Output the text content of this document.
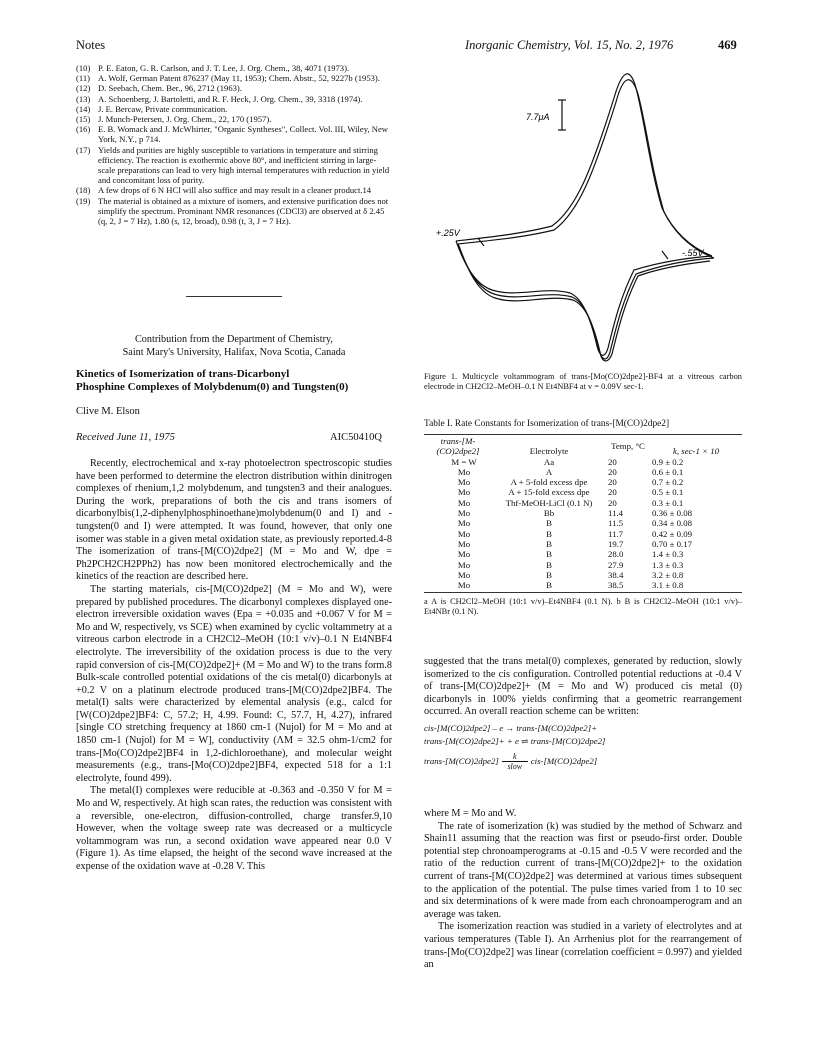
Notes	Inorganic Chemistry, Vol. 15, No. 2, 1976	469
(10) P. E. Eaton, G. R. Carlson, and J. T. Lee, J. Org. Chem., 38, 4071 (1973).
(11) A. Wolf, German Patent 876237 (May 11, 1953); Chem. Abstr., 52, 9227b (1953).
(12) D. Seebach, Chem. Ber., 96, 2712 (1963).
(13) A. Schoenberg, J. Bartoletti, and R. F. Heck, J. Org. Chem., 39, 3318 (1974).
(14) J. E. Bercaw, Private communication.
(15) J. Munch-Petersen, J. Org. Chem., 22, 170 (1957).
(16) E. B. Womack and J. McWhirter, "Organic Syntheses", Collect. Vol. III, Wiley, New York, N.Y., p 714.
(17) Yields and purities are highly susceptible to variations in temperature and stirring efficiency. The reaction is exothermic above 80°, and inefficient stirring in large-scale preparations can lead to very high internal temperatures with reduction in yield and concomitant loss of purity.
(18) A few drops of 6 N HCl will also suffice and may result in a cleaner product.14
(19) The material is obtained as a mixture of isomers, and extensive purification does not simplify the spectrum. Prominant NMR resonances (CDCl3) are observed at δ 2.45 (q, 2, J = 7 Hz), 1.80 (s, 12, broad), 0.98 (t, 3, J = 7 Hz).
Contribution from the Department of Chemistry,
Saint Mary's University, Halifax, Nova Scotia, Canada
Kinetics of Isomerization of trans-Dicarbonyl
Phosphine Complexes of Molybdenum(0) and Tungsten(0)
Clive M. Elson
Received June 11, 1975	AIC50410Q

Recently, electrochemical and x-ray photoelectron spectroscopic studies have been performed to determine the electron distribution within dinitrogen complexes of rhenium,1,2 molybdenum, and tungsten3 and their analogues. During the work, preparations of both the cis and trans isomers of dicarbonylbis(1,2-diphenylphosphinoethane)molybdenum(0 and I) and -tungsten(0 and I) were attempted. It was found, however, that only one isomer was stable in a given metal oxidation state, as previously reported.4-8 The isomerization of trans-[M(CO)2dpe2] (M = Mo and W, dpe = Ph2PCH2CH2PPh2) has now been monitored electrochemically and the kinetics of the reaction are described here.

The starting materials, cis-[M(CO)2dpe2] (M = Mo and W), were prepared by published procedures. The dicarbonyl complexes displayed one-electron irreversible oxidation waves (Epa = +0.035 and +0.067 V for M = Mo and W, respectively, vs SCE) when examined by cyclic voltammetry at a vitreous carbon electrode in a CH2Cl2–MeOH (10:1 v/v)–0.1 N Et4NBF4 electrolyte. The irreversibility of the oxidation process is due to the very rapid conversion of cis-[M(CO)2dpe2]+ (M = Mo and W) to the trans form.8 Bulk-scale controlled potential oxidations of the cis metal(0) dicarbonyls at +0.2 V on a platinum electrode produced trans-[M(CO)2dpe2]BF4. The metal(I) salts were characterized by elemental analysis (e.g., calcd for [W(CO)2dpe2]BF4: C, 57.2; H, 4.99. Found: C, 57.7, H, 4.27), infrared [single CO stretching frequency at 1860 cm-1 (Nujol) for M = Mo and at 1850 cm-1 (Nujol) for M = W], conductivity (ΛM = 32.5 ohm-1/cm2 for trans-[Mo(CO)2dpe2]BF4 in 1,2-dichloroethane), and molecular weight measurements (e.g., trans-[Mo(CO)2dpe2]BF4, expected 518 for a 1:1 electrolyte, found 499).

The metal(I) complexes were reducible at -0.363 and -0.350 V for M = Mo and W, respectively. At high scan rates, the reduction was consistent with a reversible, one-electron, diffusion-controlled, charge transfer.9,10 However, when the voltage sweep rate was decreased or a multicycle voltammogram was run, a second oxidation wave appeared near 0.0 V (Figure 1). As time elapsed, the height of the second wave increased at the expense of the oxidation wave at -0.28 V. This

7.7μA
+.25V
-.55V
Figure 1. Multicycle voltammogram of trans-[Mo(CO)2dpe2]-BF4 at a vitreous carbon electrode in CH2Cl2–MeOH–0.1 N Et4NBF4 at v = 0.09V sec-1.
Table I. Rate Constants for Isomerization of trans-[M(CO)2dpe2]
trans-[M-(CO)2dpe2]	Electrolyte	Temp, °C	k, sec-1 × 10
M = W	Aa	20	0.9 ± 0.2
Mo	A	20	0.6 ± 0.1
Mo	A + 5-fold excess dpe	20	0.7 ± 0.2
Mo	A + 15-fold excess dpe	20	0.5 ± 0.1
Mo	Thf-MeOH-LiCl (0.1 N)	20	0.3 ± 0.1
Mo	Bb	11.4	0.36 ± 0.08
Mo	B	11.5	0.34 ± 0.08
Mo	B	11.7	0.42 ± 0.09
Mo	B	19.7	0.70 ± 0.17
Mo	B	28.0	1.4 ± 0.3
Mo	B	27.9	1.3 ± 0.3
Mo	B	38.4	3.2 ± 0.8
Mo	B	38.5	3.1 ± 0.8
a A is CH2Cl2–MeOH (10:1 v/v)–Et4NBF4 (0.1 N). b B is CH2Cl2–MeOH (10:1 v/v)–Et4NBr (0.1 N).

suggested that the trans metal(0) complexes, generated by reduction, slowly isomerized to the cis configuration. Controlled potential reductions at -0.4 V of trans-[M(CO)2dpe2]+ (M = Mo and W) produced cis metal (0) dicarbonyls in 100% yields confirming that a geometric rearrangement occurred. An overall reaction scheme can be written:

cis-[M(CO)2dpe2] – e → trans-[M(CO)2dpe2]+
trans-[M(CO)2dpe2]+ + e ⇌ trans-[M(CO)2dpe2]
trans-[M(CO)2dpe2] k
slow
cis-[M(CO)2dpe2]

where M = Mo and W.

The rate of isomerization (k) was studied by the method of Schwarz and Shain11 assuming that the reaction was first or pseudo-first order. Double potential step chronoamperograms at -0.15 and -0.5 V were recorded and the ratio of the reduction current of trans-[M(CO)2dpe2]+ to the oxidation current of trans-[M(CO)2dpe2] was determined at various times subsequent to the application of the potential. The pulse times varied from 1 to 10 sec and six determinations of k were made from each chronoamperogram and an average was taken.

The isomerization reaction was studied in a variety of electrolytes and at various temperatures (Table I). An Arrhenius plot for the rearrangement of trans-[Mo(CO)2dpe2] was linear (correlation coefficient = 0.997) and yielded an
